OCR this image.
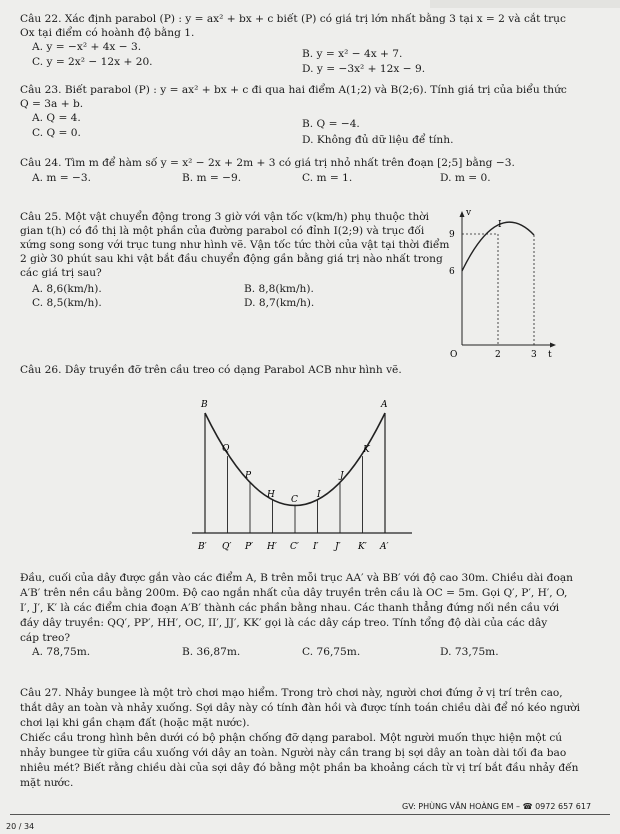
Câu 22. Xác định parabol (P) : y = ax² + bx + c biết (P) có giá trị lớn nhất bằng 3 tại x = 2 và cắt trục
Ox tại điểm có hoành độ bằng 1.
A. y = −x² + 4x − 3.
B. y = x² − 4x + 7.
C. y = 2x² − 12x + 20.
D. y = −3x² + 12x − 9.
Câu 23. Biết parabol (P) : y = ax² + bx + c đi qua hai điểm A(1;2) và B(2;6). Tính giá trị của biểu thức
Q = 3a + b.
A. Q = 4.	B. Q = −4.
C. Q = 0.
D. Không đủ dữ liệu để tính.
Câu 24. Tìm m để hàm số y = x² − 2x + 2m + 3 có giá trị nhỏ nhất trên đoạn [2;5] bằng −3.
A. m = −3.	B. m = −9.	C. m = 1.	D. m = 0.
Câu 25. Một vật chuyển động trong 3 giờ với vận tốc v(km/h) phụ thuộc thời
gian t(h) có đồ thị là một phần của đường parabol có đỉnh I(2;9) và trục đối
xứng song song với trục tung như hình vẽ. Vận tốc tức thời của vật tại thời điểm
2 giờ 30 phút sau khi vật bắt đầu chuyển động gần bằng giá trị nào nhất trong
các giá trị sau?
A. 8,6(km/h).	B. 8,8(km/h).
C. 8,5(km/h).	D. 8,7(km/h).
v
I
9
6
O	2	3 t
Câu 26. Dây truyền đỡ trên cầu treo có dạng Parabol ACB như hình vẽ.
B	A
Q	K
P	J
H C I
B′ Q′ P′ H′ C′ I′ J′ K′ A′
Đầu, cuối của dây được gắn vào các điểm A, B trên mỗi trục AA′ và BB′ với độ cao 30m. Chiều dài đoạn
A′B′ trên nền cầu bằng 200m. Độ cao ngắn nhất của dây truyền trên cầu là OC = 5m. Gọi Q′, P′, H′, O,
I′, J′, K′ là các điểm chia đoạn A′B′ thành các phần bằng nhau. Các thanh thẳng đứng nối nền cầu với
đáy dây truyền: QQ′, PP′, HH′, OC, II′, JJ′, KK′ gọi là các dây cáp treo. Tính tổng độ dài của các dây
cáp treo?
A. 78,75m.	B. 36,87m.	C. 76,75m.	D. 73,75m.
Câu 27. Nhảy bungee là một trò chơi mạo hiểm. Trong trò chơi này, người chơi đứng ở vị trí trên cao,
thắt dây an toàn và nhảy xuống. Sợi dây này có tính đàn hồi và được tính toán chiều dài để nó kéo người
chơi lại khi gần chạm đất (hoặc mặt nước).
Chiếc cầu trong hình bên dưới có bộ phận chống đỡ dạng parabol. Một người muốn thực hiện một cú
nhảy bungee từ giữa cầu xuống với dây an toàn. Người này cần trang bị sợi dây an toàn dài tối đa bao
nhiêu mét? Biết rằng chiều dài của sợi dây đó bằng một phần ba khoảng cách từ vị trí bắt đầu nhảy đến
mặt nước.
GV: PHÙNG VĂN HOÀNG EM – ☎ 0972 657 617
20 / 34
